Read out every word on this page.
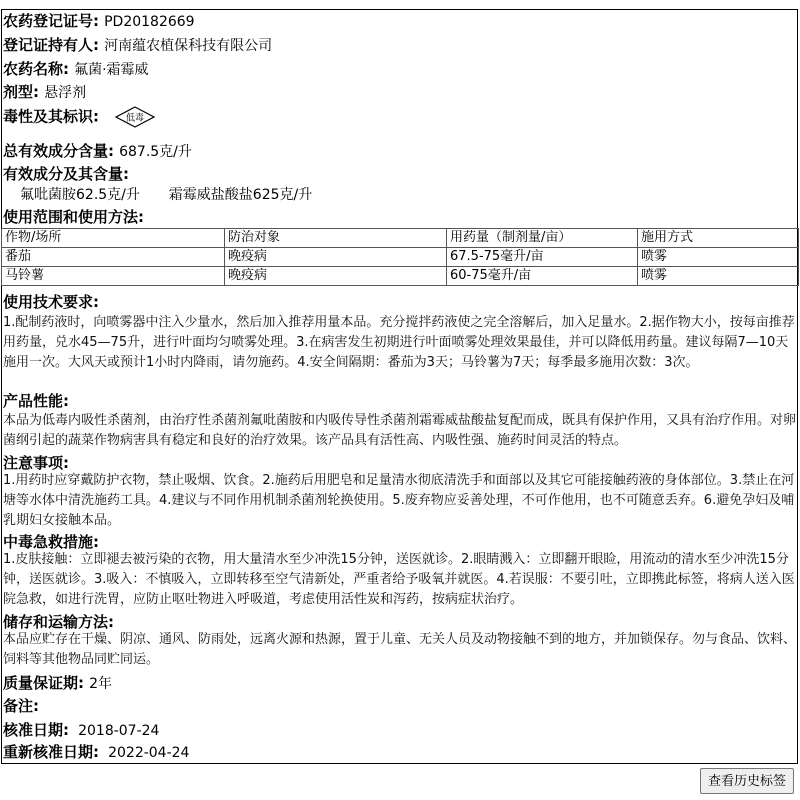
农药登记证号: PD20182669
登记证持有人: 河南蕴农植保科技有限公司
农药名称: 氟菌·霜霉威
剂型: 悬浮剂
毒性及其标识:	低毒
总有效成分含量: 687.5克/升
有效成分及其含量:
氟吡菌胺62.5克/升 霜霉威盐酸盐625克/升
使用范围和使用方法:
作物/场所	防治对象	用药量（制剂量/亩）	施用方式
番茄	晚疫病	67.5-75毫升/亩	喷雾
马铃薯	晚疫病	60-75毫升/亩	喷雾
使用技术要求:
1.配制药液时，向喷雾器中注入少量水，然后加入推荐用量本品。充分搅拌药液使之完全溶解后，加入足量水。2.据作物大小，按每亩推荐用药量，兑水45—75升，进行叶面均匀喷雾处理。3.在病害发生初期进行叶面喷雾处理效果最佳，并可以降低用药量。建议每隔7—10天施用一次。大风天或预计1小时内降雨，请勿施药。4.安全间隔期：番茄为3天；马铃薯为7天；每季最多施用次数：3次。
产品性能:
本品为低毒内吸性杀菌剂，由治疗性杀菌剂氟吡菌胺和内吸传导性杀菌剂霜霉威盐酸盐复配而成，既具有保护作用，又具有治疗作用。对卵菌纲引起的蔬菜作物病害具有稳定和良好的治疗效果。该产品具有活性高、内吸性强、施药时间灵活的特点。
注意事项:
1.用药时应穿戴防护衣物，禁止吸烟、饮食。2.施药后用肥皂和足量清水彻底清洗手和面部以及其它可能接触药液的身体部位。3.禁止在河塘等水体中清洗施药工具。4.建议与不同作用机制杀菌剂轮换使用。5.废弃物应妥善处理，不可作他用，也不可随意丢弃。6.避免孕妇及哺乳期妇女接触本品。
中毒急救措施:
1.皮肤接触：立即褪去被污染的衣物，用大量清水至少冲洗15分钟，送医就诊。2.眼睛溅入：立即翻开眼睑，用流动的清水至少冲洗15分钟，送医就诊。3.吸入：不慎吸入，立即转移至空气清新处，严重者给予吸氧并就医。4.若误服：不要引吐，立即携此标签，将病人送入医院急救，如进行洗胃，应防止呕吐物进入呼吸道，考虑使用活性炭和泻药，按病症状治疗。
储存和运输方法:
本品应贮存在干燥、阴凉、通风、防雨处，远离火源和热源，置于儿童、无关人员及动物接触不到的地方，并加锁保存。勿与食品、饮料、饲料等其他物品同贮同运。
质量保证期: 2年
备注:
核准日期: 2018-07-24
重新核准日期: 2022-04-24
查看历史标签
